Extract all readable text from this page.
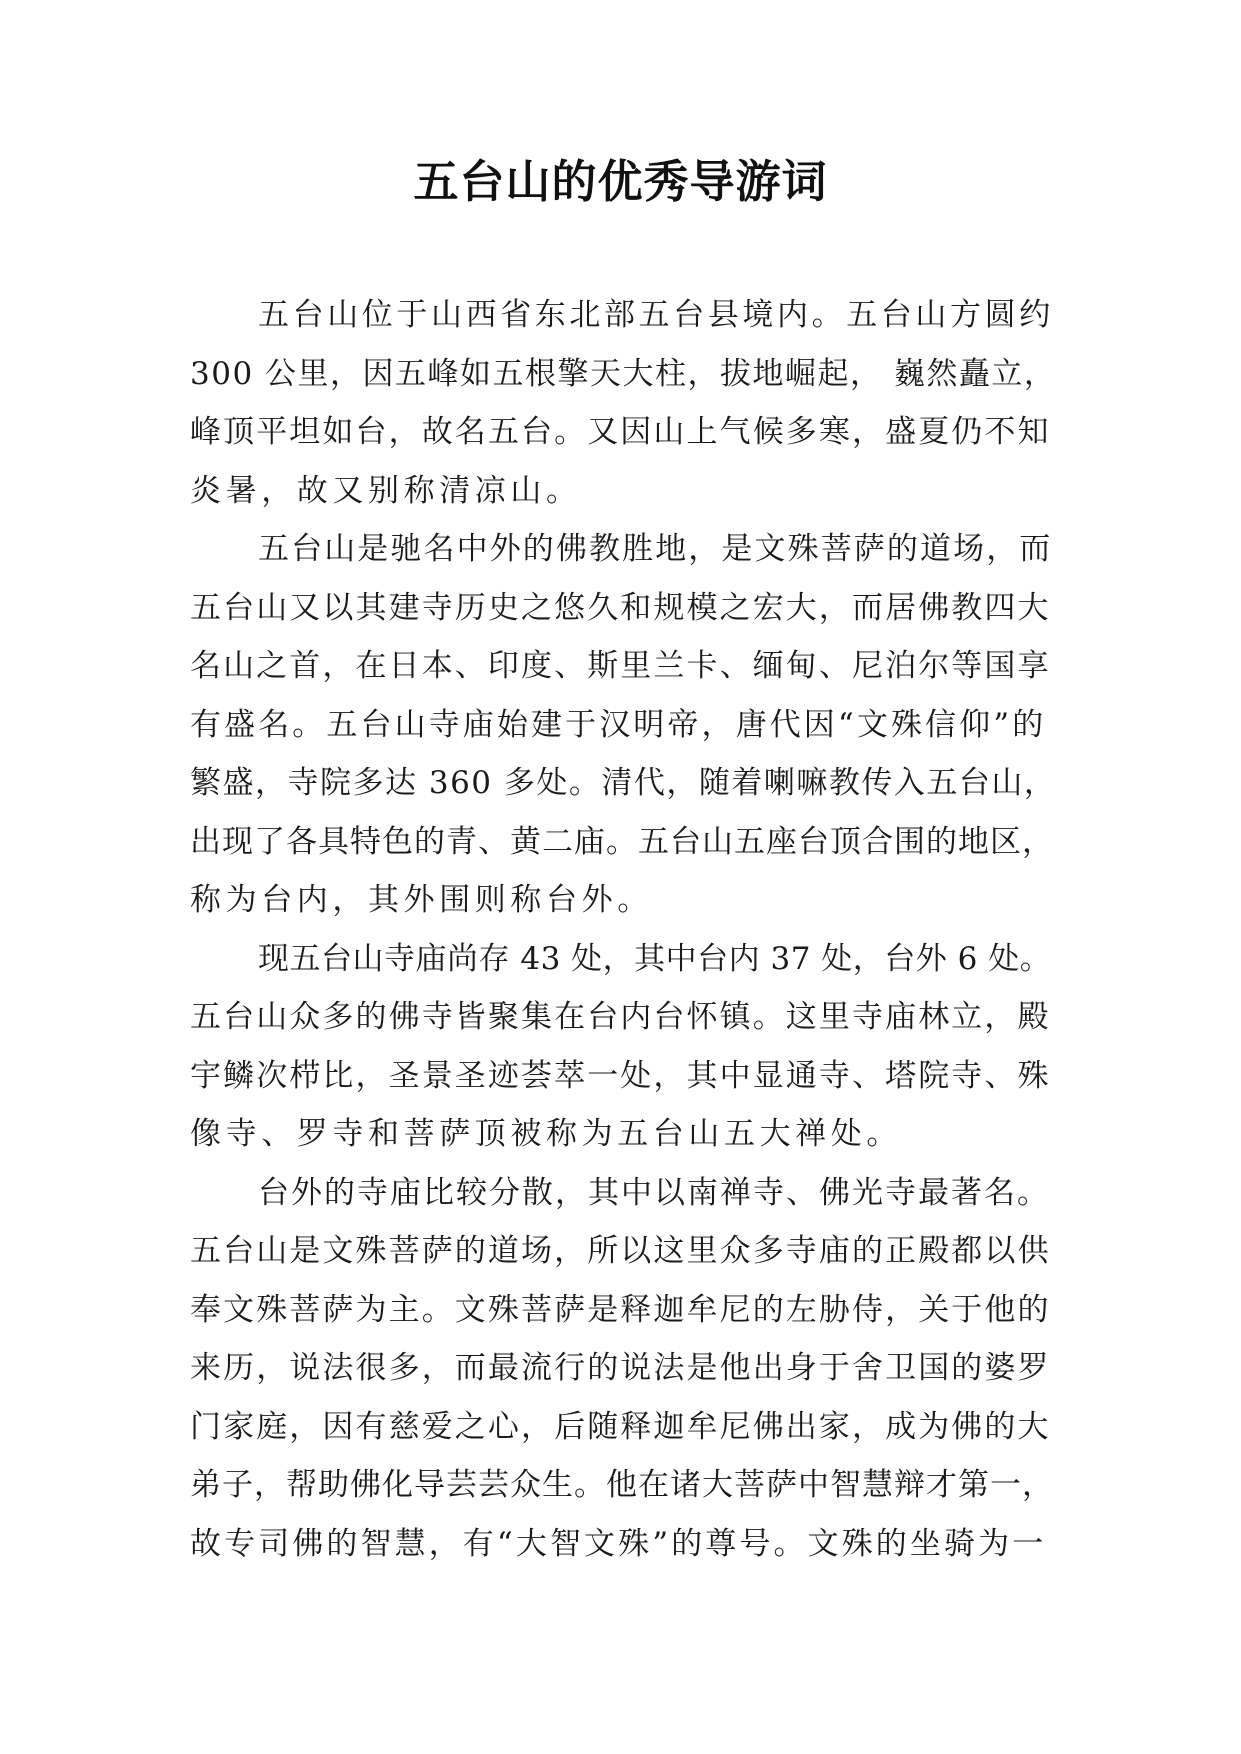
五台山的优秀导游词
五台山位于山西省东北部五台县境内。五台山方圆约
300 公里，因五峰如五根擎天大柱，拔地崛起， 巍然矗立，
峰顶平坦如台，故名五台。又因山上气候多寒，盛夏仍不知
炎暑，故又别称清凉山。
五台山是驰名中外的佛教胜地，是文殊菩萨的道场，而
五台山又以其建寺历史之悠久和规模之宏大，而居佛教四大
名山之首，在日本、印度、斯里兰卡、缅甸、尼泊尔等国享
有盛名。五台山寺庙始建于汉明帝，唐代因“文殊信仰”的
繁盛，寺院多达 360 多处。清代，随着喇嘛教传入五台山，
出现了各具特色的青、黄二庙。五台山五座台顶合围的地区，
称为台内，其外围则称台外。
现五台山寺庙尚存 43 处，其中台内 37 处，台外 6 处。
五台山众多的佛寺皆聚集在台内台怀镇。这里寺庙林立，殿
宇鳞次栉比，圣景圣迹荟萃一处，其中显通寺、塔院寺、殊
像寺、罗寺和菩萨顶被称为五台山五大禅处。
台外的寺庙比较分散，其中以南禅寺、佛光寺最著名。
五台山是文殊菩萨的道场，所以这里众多寺庙的正殿都以供
奉文殊菩萨为主。文殊菩萨是释迦牟尼的左胁侍，关于他的
来历，说法很多，而最流行的说法是他出身于舍卫国的婆罗
门家庭，因有慈爱之心，后随释迦牟尼佛出家，成为佛的大
弟子，帮助佛化导芸芸众生。他在诸大菩萨中智慧辩才第一，
故专司佛的智慧，有“大智文殊”的尊号。文殊的坐骑为一
